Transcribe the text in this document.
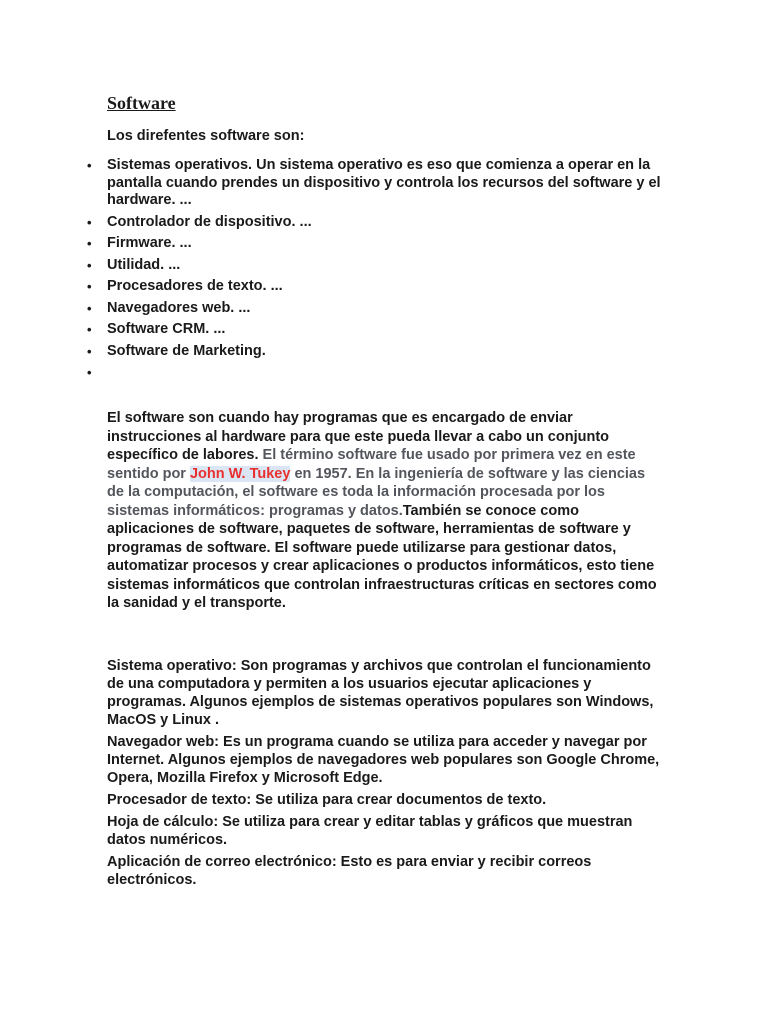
Software

Los direfentes software son:

• Sistemas operativos. Un sistema operativo es eso que comienza a operar en la pantalla cuando prendes un dispositivo y controla los recursos del software y el hardware. ...
• Controlador de dispositivo. ...
• Firmware. ...
• Utilidad. ...
• Procesadores de texto. ...
• Navegadores web. ...
• Software CRM. ...
• Software de Marketing.
•

El software son cuando hay programas que es encargado de enviar instrucciones al hardware para que este pueda llevar a cabo un conjunto específico de labores. El término software fue usado por primera vez en este sentido por John W. Tukey en 1957. En la ingeniería de software y las ciencias de la computación, el software es toda la información procesada por los sistemas informáticos: programas y datos.También se conoce como aplicaciones de software, paquetes de software, herramientas de software y programas de software. El software puede utilizarse para gestionar datos, automatizar procesos y crear aplicaciones o productos informáticos, esto tiene sistemas informáticos que controlan infraestructuras críticas en sectores como la sanidad y el transporte.

Sistema operativo: Son programas y archivos que controlan el funcionamiento de una computadora y permiten a los usuarios ejecutar aplicaciones y programas. Algunos ejemplos de sistemas operativos populares son Windows, MacOS y Linux .

Navegador web: Es un programa cuando se utiliza para acceder y navegar por Internet. Algunos ejemplos de navegadores web populares son Google Chrome, Opera, Mozilla Firefox y Microsoft Edge.

Procesador de texto: Se utiliza para crear documentos de texto.

Hoja de cálculo: Se utiliza para crear y editar tablas y gráficos que muestran datos numéricos.

Aplicación de correo electrónico: Esto es para enviar y recibir correos electrónicos.
